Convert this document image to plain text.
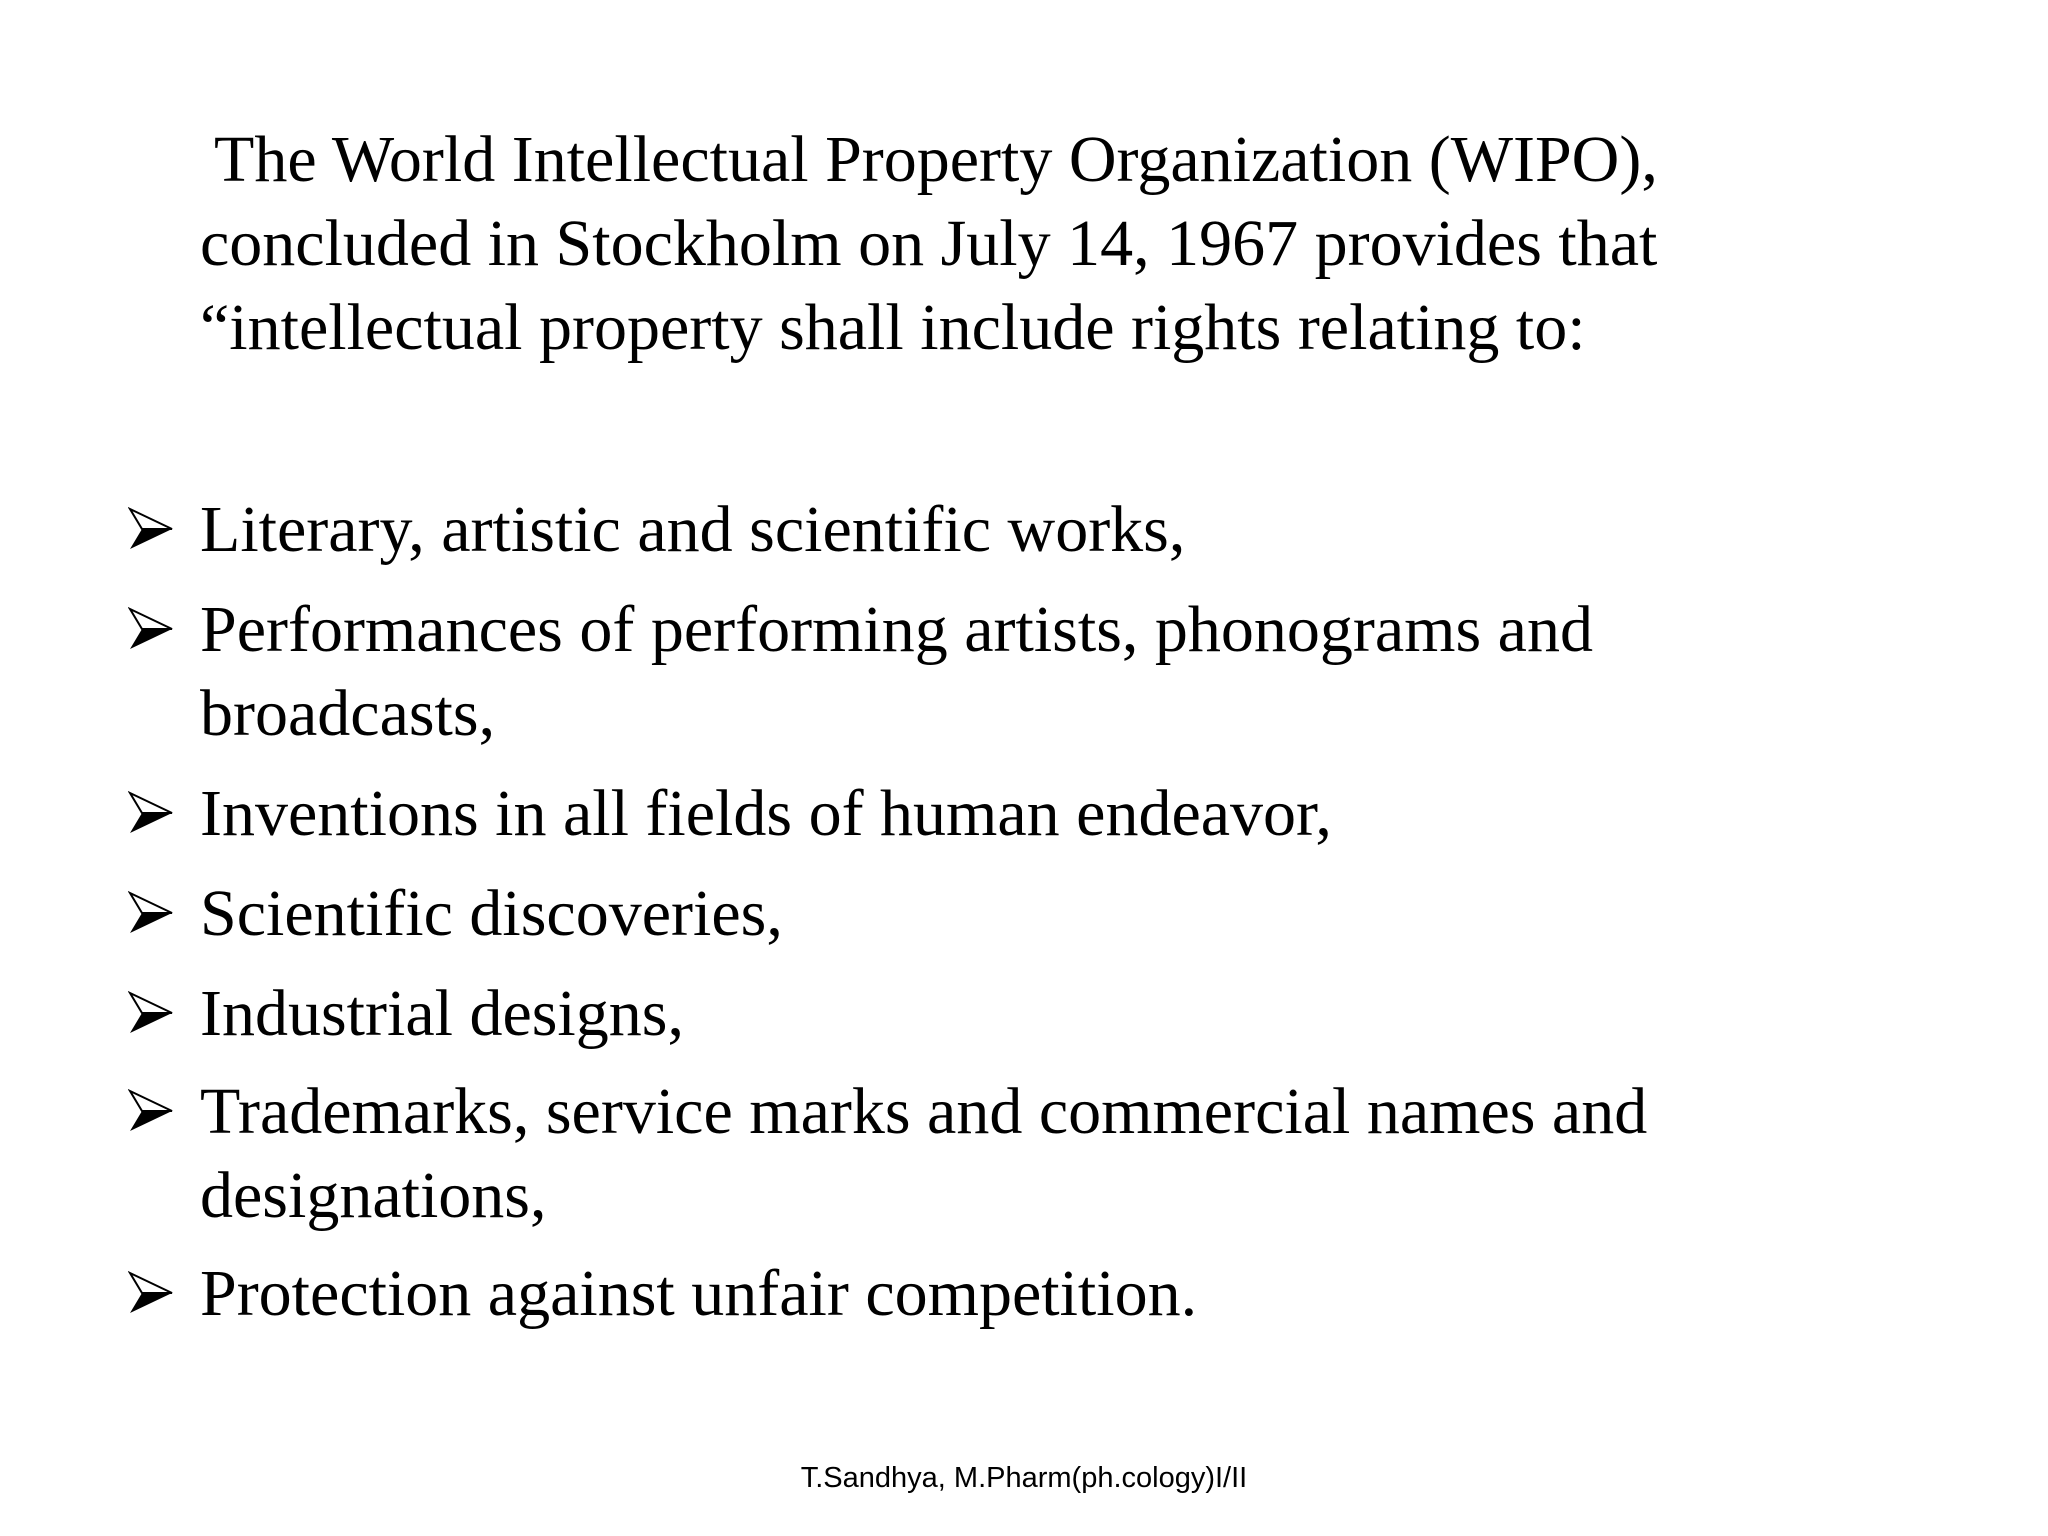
The World Intellectual Property Organization (WIPO),
concluded in Stockholm on July 14, 1967 provides that
“intellectual property shall include rights relating to:

Literary, artistic and scientific works,
Performances of performing artists, phonograms and
broadcasts,
Inventions in all fields of human endeavor,
Scientific discoveries,
Industrial designs,
Trademarks, service marks and commercial names and
designations,
Protection against unfair competition.
T.Sandhya, M.Pharm(ph.cology)I/II
